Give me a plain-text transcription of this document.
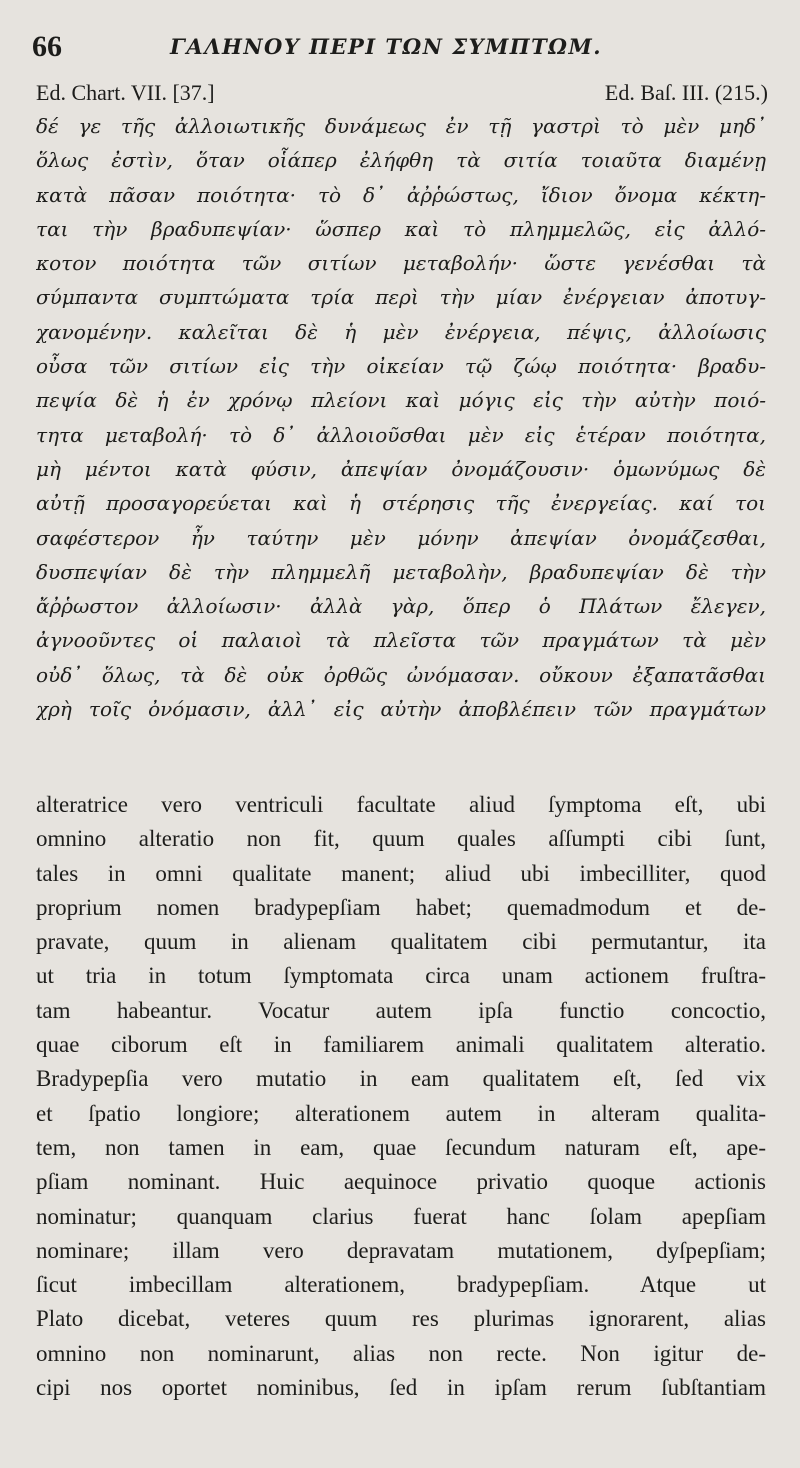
66	ΓΑΛΗΝΟΥ ΠΕΡΙ ΤΩΝ ΣΥΜΠΤΩΜ.
Ed. Chart. VII. [37.]	Ed. Baſ. III. (215.)
δέ γε τῆς ἀλλοιωτικῆς δυνάμεως ἐν τῇ γαστρὶ τὸ μὲν μηδ᾽
ὅλως ἐστὶν, ὅταν οἷάπερ ἐλήφθη τὰ σιτία τοιαῦτα διαμένῃ
κατὰ πᾶσαν ποιότητα· τὸ δ᾽ ἀῤῥώστως, ἴδιον ὄνομα κέκτη-
ται τὴν βραδυπεψίαν· ὥσπερ καὶ τὸ πλημμελῶς, εἰς ἀλλό-
κοτον ποιότητα τῶν σιτίων μεταβολήν· ὥστε γενέσθαι τὰ
σύμπαντα συμπτώματα τρία περὶ τὴν μίαν ἐνέργειαν ἀποτυγ-
χανομένην. καλεῖται δὲ ἡ μὲν ἐνέργεια, πέψις, ἀλλοίωσις
οὖσα τῶν σιτίων εἰς τὴν οἰκείαν τῷ ζώῳ ποιότητα· βραδυ-
πεψία δὲ ἡ ἐν χρόνῳ πλείονι καὶ μόγις εἰς τὴν αὐτὴν ποιό-
τητα μεταβολή· τὸ δ᾽ ἀλλοιοῦσθαι μὲν εἰς ἑτέραν ποιότητα,
μὴ μέντοι κατὰ φύσιν, ἀπεψίαν ὀνομάζουσιν· ὁμωνύμως δὲ
αὐτῇ προσαγορεύεται καὶ ἡ στέρησις τῆς ἐνεργείας. καί τοι
σαφέστερον ἦν ταύτην μὲν μόνην ἀπεψίαν ὀνομάζεσθαι,
δυσπεψίαν δὲ τὴν πλημμελῆ μεταβολὴν, βραδυπεψίαν δὲ τὴν
ἄῤῥωστον ἀλλοίωσιν· ἀλλὰ γὰρ, ὅπερ ὁ Πλάτων ἔλεγεν,
ἀγνοοῦντες οἱ παλαιοὶ τὰ πλεῖστα τῶν πραγμάτων τὰ μὲν
οὐδ᾽ ὅλως, τὰ δὲ οὐκ ὀρθῶς ὠνόμασαν. οὔκουν ἐξαπατᾶσθαι
χρὴ τοῖς ὀνόμασιν, ἀλλ᾽ εἰς αὐτὴν ἀποβλέπειν τῶν πραγμάτων
alteratrice vero ventriculi facultate aliud ſymptoma eſt, ubi
omnino alteratio non fit, quum quales aſſumpti cibi ſunt,
tales in omni qualitate manent; aliud ubi imbecilliter, quod
proprium nomen bradypepſiam habet; quemadmodum et de-
pravate, quum in alienam qualitatem cibi permutantur, ita
ut tria in totum ſymptomata circa unam actionem fruſtra-
tam habeantur. Vocatur autem ipſa functio concoctio,
quae ciborum eſt in familiarem animali qualitatem alteratio.
Bradypepſia vero mutatio in eam qualitatem eſt, ſed vix
et ſpatio longiore; alterationem autem in alteram qualita-
tem, non tamen in eam, quae ſecundum naturam eſt, ape-
pſiam nominant. Huic aequinoce privatio quoque actionis
nominatur; quanquam clarius fuerat hanc ſolam apepſiam
nominare; illam vero depravatam mutationem, dyſpepſiam;
ſicut imbecillam alterationem, bradypepſiam. Atque ut
Plato dicebat, veteres quum res plurimas ignorarent, alias
omnino non nominarunt, alias non recte. Non igitur de-
cipi nos oportet nominibus, ſed in ipſam rerum ſubſtantiam
